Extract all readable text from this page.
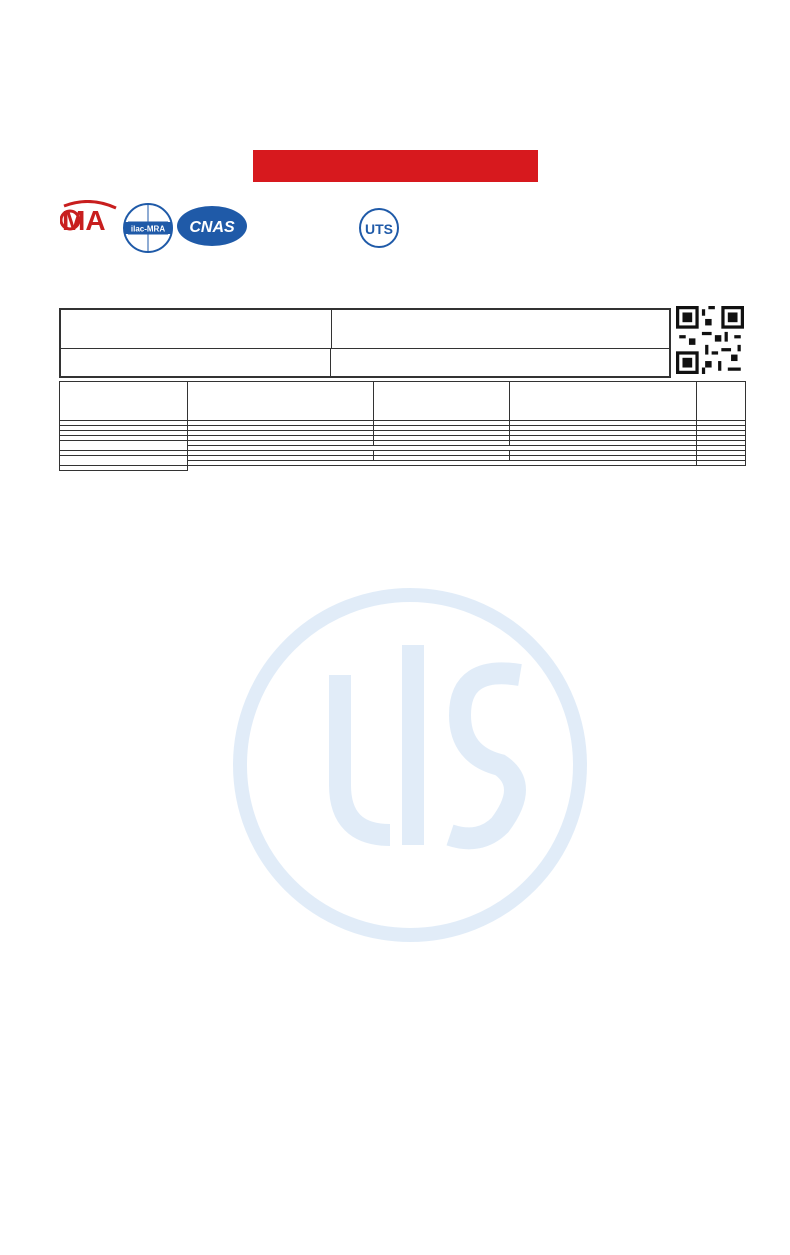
MA	ilac-MRA CNAS	UTS
